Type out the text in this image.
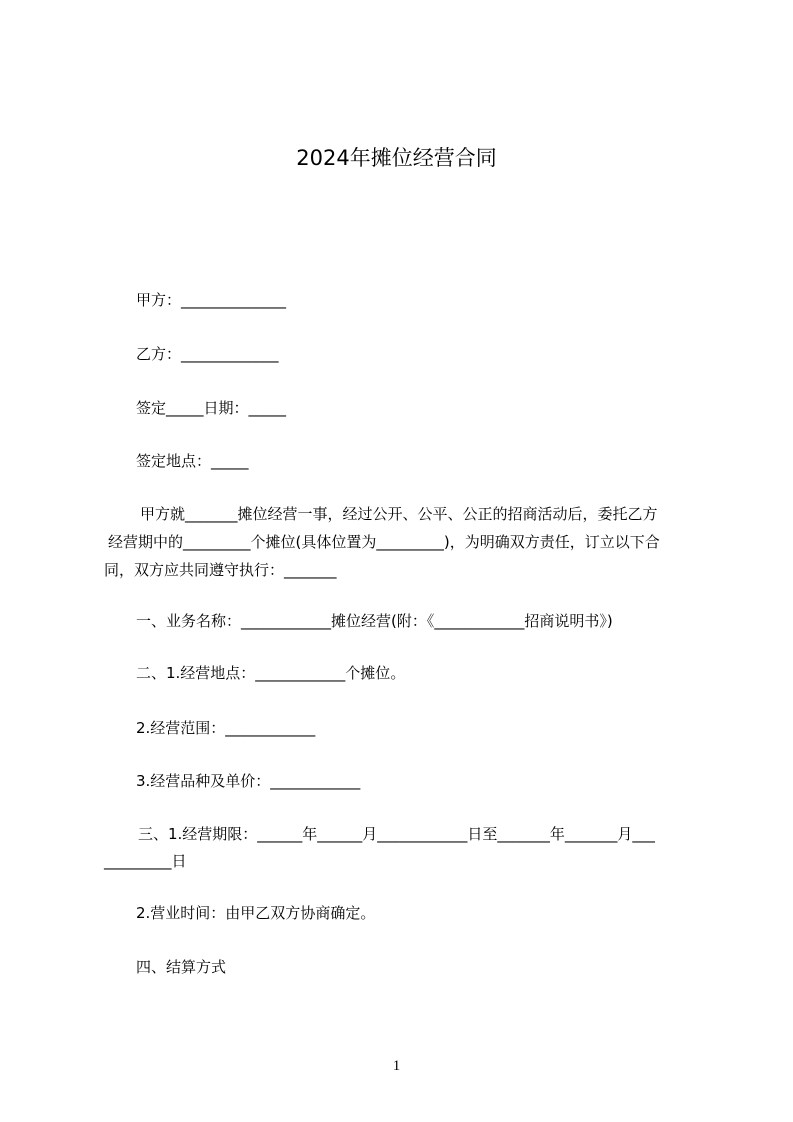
2024年摊位经营合同
甲方：______________
乙方：_____________
签定_____日期：_____
签定地点：_____
甲方就_______摊位经营一事，经过公开、公平、公正的招商活动后，委托乙方
经营期中的_________个摊位(具体位置为_________)，为明确双方责任，订立以下合
同，双方应共同遵守执行：_______
一、业务名称：____________摊位经营(附：《____________招商说明书》)
二、1.经营地点：____________个摊位。
2.经营范围：____________
3.经营品种及单价：____________
三、1.经营期限：______年______月____________日至_______年_______月___
_________日
2.营业时间：由甲乙双方协商确定。
四、结算方式
1
